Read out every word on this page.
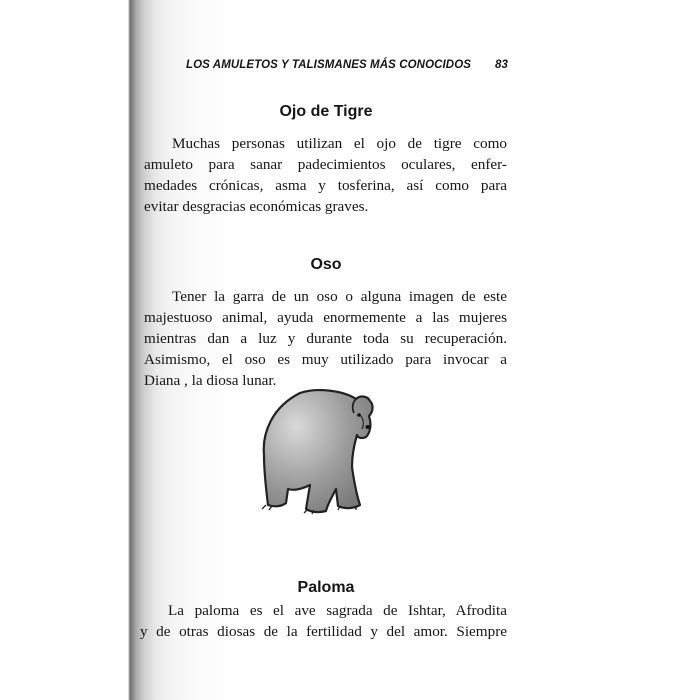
LOS AMULETOS Y TALISMANES MÁS CONOCIDOS 83
Ojo de Tigre
Muchas personas utilizan el ojo de tigre como
amuleto para sanar padecimientos oculares, enfer-
medades crónicas, asma y tosferina, así como para
evitar desgracias económicas graves.
Oso
Tener la garra de un oso o alguna imagen de este
majestuoso animal, ayuda enormemente a las mujeres
mientras dan a luz y durante toda su recuperación.
Asimismo, el oso es muy utilizado para invocar a
Diana , la diosa lunar.
Paloma
La paloma es el ave sagrada de Ishtar, Afrodita
y de otras diosas de la fertilidad y del amor. Siempre
